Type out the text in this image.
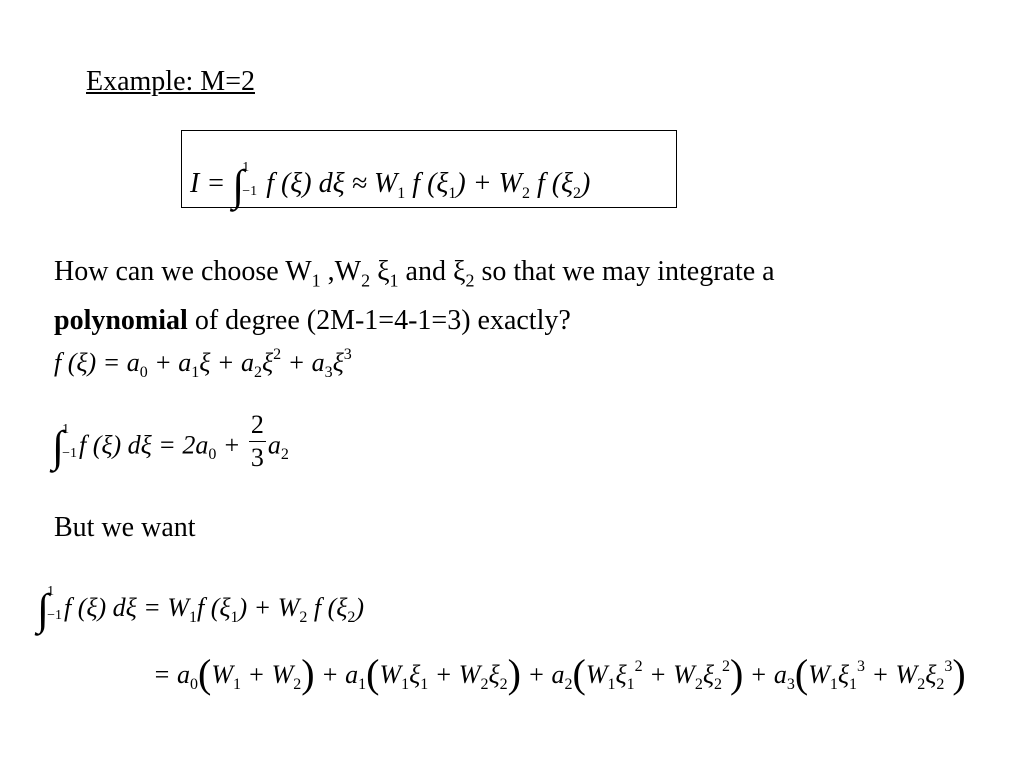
Example: M=2
I = ∫
1
−1 f (ξ) $d\xi \approx W_1$ f $(\xi_1) + W_2$ f $(\xi_2)$
How can we choose $W_1$ $,W_2$ $\xi_1$ and $\xi_2$ so that we may integrate a
polynomial of degree (2M-1=4-1=3) exactly?
f $(\xi) = a_0 + a_1\xi + a_2\xi^2 + a_3\xi^3$
∫
1
−1 f (ξ) $d\xi = 2a_0 + \frac{2}{3} a_2$
But we want
∫
1
−1 f (ξ) $d\xi = W_1f$ $(\xi_1) + W_2$ f $(\xi_2)$
= $a_0(W_1 + W_2) + a_1(W_1\xi_1 + W_2\xi_2) + a_2(W_1\xi_1^2 + W_2\xi_2^2) + a_3(W_1\xi_1^3 + W_2\xi_2^3)$
